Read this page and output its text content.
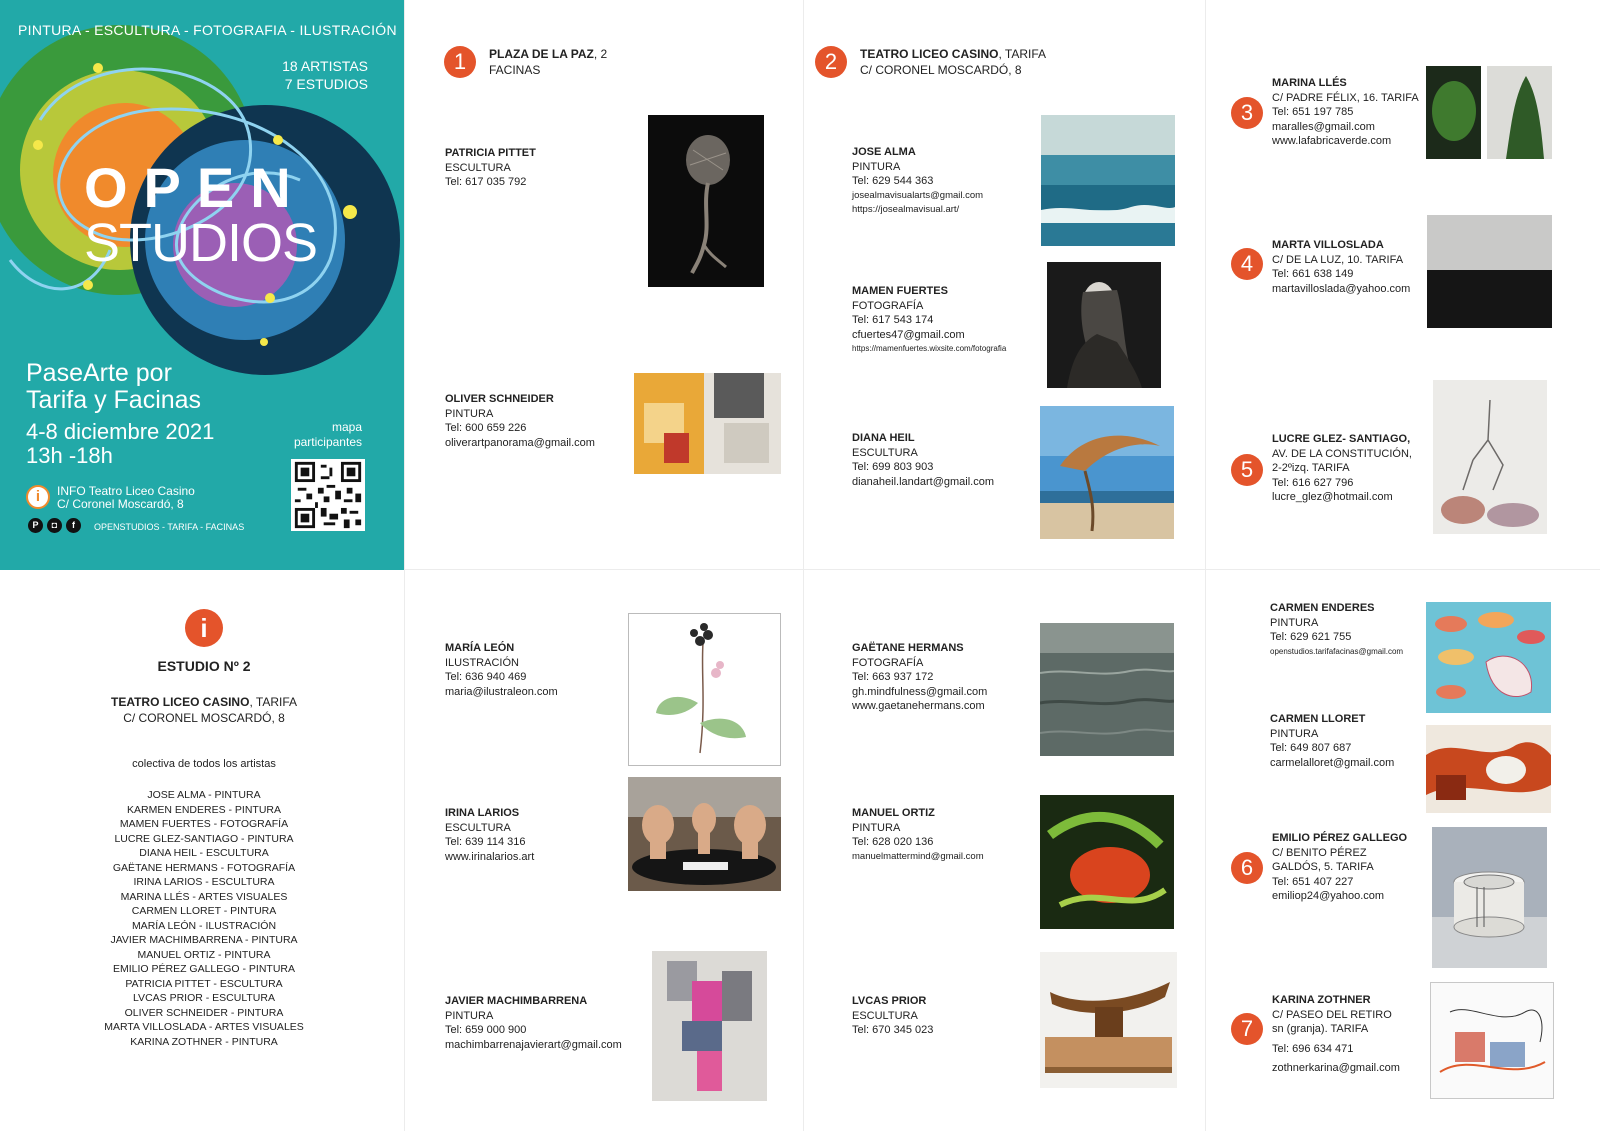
PINTURA - ESCULTURA - FOTOGRAFIA - ILUSTRACIÓN
18 ARTISTAS
7 ESTUDIOS
OPEN
STUDIOS
PaseArte por
Tarifa y Facinas
4-8 diciembre 2021
13h -18h
mapa
participantes
i	INFO Teatro Liceo Casino
C/ Coronel Moscardó, 8
P	◘	f	OPENSTUDIOS - TARIFA - FACINAS
1	PLAZA DE LA PAZ, 2
FACINAS
PATRICIA PITTET
ESCULTURA
Tel: 617 035 792
OLIVER SCHNEIDER
PINTURA
Tel: 600 659 226
oliverartpanorama@gmail.com
2	TEATRO LICEO CASINO, TARIFA
C/ CORONEL MOSCARDÓ, 8
JOSE ALMA
PINTURA
Tel: 629 544 363
josealmavisualarts@gmail.com
https://josealmavisual.art/
MAMEN FUERTES
FOTOGRAFÍA
Tel: 617 543 174
cfuertes47@gmail.com
https://mamenfuertes.wixsite.com/fotografia
DIANA HEIL
ESCULTURA
Tel: 699 803 903
dianaheil.landart@gmail.com
3
MARINA LLÉS
C/ PADRE FÉLIX, 16. TARIFA
Tel: 651 197 785
maralles@gmail.com
www.lafabricaverde.com
4
MARTA VILLOSLADA
C/ DE LA LUZ, 10. TARIFA
Tel: 661 638 149
martavilloslada@yahoo.com
5
LUCRE GLEZ- SANTIAGO,
AV. DE LA CONSTITUCIÓN,
2-2ºizq. TARIFA
Tel: 616 627 796
lucre_glez@hotmail.com
i
ESTUDIO Nº 2
TEATRO LICEO CASINO, TARIFA
C/ CORONEL MOSCARDÓ, 8
colectiva de todos los artistas
JOSE ALMA - PINTURA
KARMEN ENDERES - PINTURA
MAMEN FUERTES - FOTOGRAFÍA
LUCRE GLEZ-SANTIAGO - PINTURA
DIANA HEIL - ESCULTURA
GAËTANE HERMANS - FOTOGRAFÍA
IRINA LARIOS - ESCULTURA
MARINA LLÉS - ARTES VISUALES
CARMEN LLORET - PINTURA
MARÍA LEÓN - ILUSTRACIÓN
JAVIER MACHIMBARRENA - PINTURA
MANUEL ORTIZ - PINTURA
EMILIO PÉREZ GALLEGO - PINTURA
PATRICIA PITTET - ESCULTURA
LVCAS PRIOR - ESCULTURA
OLIVER SCHNEIDER - PINTURA
MARTA VILLOSLADA - ARTES VISUALES
KARINA ZOTHNER - PINTURA
MARÍA LEÓN
ILUSTRACIÓN
Tel: 636 940 469
maria@ilustraleon.com
IRINA LARIOS
ESCULTURA
Tel: 639 114 316
www.irinalarios.art
JAVIER MACHIMBARRENA
PINTURA
Tel: 659 000 900
machimbarrenajavierart@gmail.com
GAËTANE HERMANS
FOTOGRAFÍA
Tel: 663 937 172
gh.mindfulness@gmail.com
www.gaetanehermans.com
MANUEL ORTIZ
PINTURA
Tel: 628 020 136
manuelmattermind@gmail.com
LVCAS PRIOR
ESCULTURA
Tel: 670 345 023
CARMEN ENDERES
PINTURA
Tel: 629 621 755
openstudios.tarifafacinas@gmail.com
CARMEN LLORET
PINTURA
Tel: 649 807 687
carmelalloret@gmail.com
6
EMILIO PÉREZ GALLEGO
C/ BENITO PÉREZ
GALDÓS, 5. TARIFA
Tel: 651 407 227
emiliop24@yahoo.com
7
KARINA ZOTHNER
C/ PASEO DEL RETIRO
sn (granja). TARIFA
Tel: 696 634 471
zothnerkarina@gmail.com
